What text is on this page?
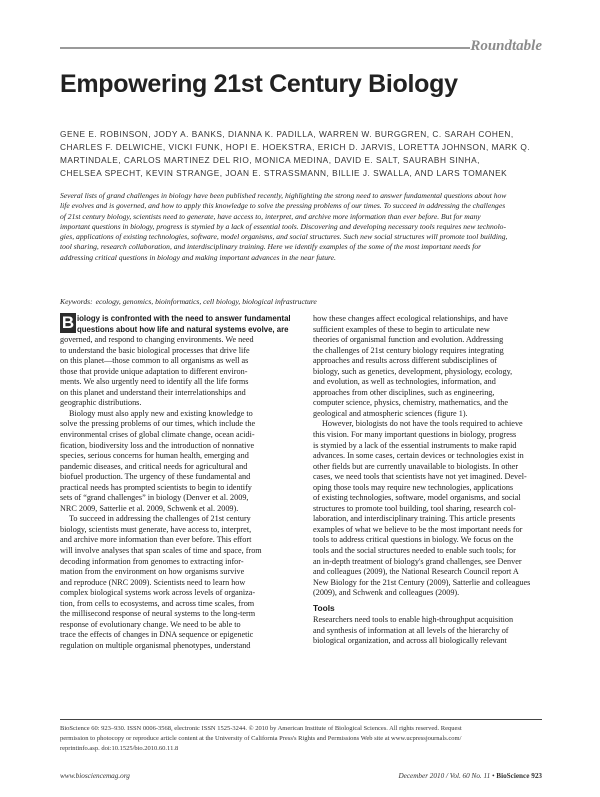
Roundtable
Empowering 21st Century Biology
GENE E. ROBINSON, JODY A. BANKS, DIANNA K. PADILLA, WARREN W. BURGGREN, C. SARAH COHEN,
CHARLES F. DELWICHE, VICKI FUNK, HOPI E. HOEKSTRA, ERICH D. JARVIS, LORETTA JOHNSON, MARK Q.
MARTINDALE, CARLOS MARTINEZ DEL RIO, MONICA MEDINA, DAVID E. SALT, SAURABH SINHA,
CHELSEA SPECHT, KEVIN STRANGE, JOAN E. STRASSMANN, BILLIE J. SWALLA, AND LARS TOMANEK
Several lists of grand challenges in biology have been published recently, highlighting the strong need to answer fundamental questions about how
life evolves and is governed, and how to apply this knowledge to solve the pressing problems of our times. To succeed in addressing the challenges
of 21st century biology, scientists need to generate, have access to, interpret, and archive more information than ever before. But for many
important questions in biology, progress is stymied by a lack of essential tools. Discovering and developing necessary tools requires new technolo-
gies, applications of existing technologies, software, model organisms, and social structures. Such new social structures will promote tool building,
tool sharing, research collaboration, and interdisciplinary training. Here we identify examples of the some of the most important needs for
addressing critical questions in biology and making important advances in the near future.
Keywords: ecology, genomics, bioinformatics, cell biology, biological infrastructure
B iology is confronted with the need to answer fundamental
questions about how life and natural systems evolve, are
governed, and respond to changing environments. We need
to understand the basic biological processes that drive life
on this planet—those common to all organisms as well as
those that provide unique adaptation to different environ-
ments. We also urgently need to identify all the life forms
on this planet and understand their interrelationships and
geographic distributions.
Biology must also apply new and existing knowledge to
solve the pressing problems of our times, which include the
environmental crises of global climate change, ocean acidi-
fication, biodiversity loss and the introduction of nonnative
species, serious concerns for human health, emerging and
pandemic diseases, and critical needs for agricultural and
biofuel production. The urgency of these fundamental and
practical needs has prompted scientists to begin to identify
sets of “grand challenges” in biology (Denver et al. 2009,
NRC 2009, Satterlie et al. 2009, Schwenk et al. 2009).
To succeed in addressing the challenges of 21st century
biology, scientists must generate, have access to, interpret,
and archive more information than ever before. This effort
will involve analyses that span scales of time and space, from
decoding information from genomes to extracting infor-
mation from the environment on how organisms survive
and reproduce (NRC 2009). Scientists need to learn how
complex biological systems work across levels of organiza-
tion, from cells to ecosystems, and across time scales, from
the millisecond response of neural systems to the long-term
response of evolutionary change. We need to be able to
trace the effects of changes in DNA sequence or epigenetic
regulation on multiple organismal phenotypes, understand
how these changes affect ecological relationships, and have
sufficient examples of these to begin to articulate new
theories of organismal function and evolution. Addressing
the challenges of 21st century biology requires integrating
approaches and results across different subdisciplines of
biology, such as genetics, development, physiology, ecology,
and evolution, as well as technologies, information, and
approaches from other disciplines, such as engineering,
computer science, physics, chemistry, mathematics, and the
geological and atmospheric sciences (figure 1).
However, biologists do not have the tools required to achieve
this vision. For many important questions in biology, progress
is stymied by a lack of the essential instruments to make rapid
advances. In some cases, certain devices or technologies exist in
other fields but are currently unavailable to biologists. In other
cases, we need tools that scientists have not yet imagined. Devel-
oping those tools may require new technologies, applications
of existing technologies, software, model organisms, and social
structures to promote tool building, tool sharing, research col-
laboration, and interdisciplinary training. This article presents
examples of what we believe to be the most important needs for
tools to address critical questions in biology. We focus on the
tools and the social structures needed to enable such tools; for
an in-depth treatment of biology's grand challenges, see Denver
and colleagues (2009), the National Research Council report A
New Biology for the 21st Century (2009), Satterlie and colleagues
(2009), and Schwenk and colleagues (2009).
Tools
Researchers need tools to enable high-throughput acquisition
and synthesis of information at all levels of the hierarchy of
biological organization, and across all biologically relevant
BioScience 60: 923–930. ISSN 0006-3568, electronic ISSN 1525-3244. © 2010 by American Institute of Biological Sciences. All rights reserved. Request
permission to photocopy or reproduce article content at the University of California Press's Rights and Permissions Web site at www.ucpressjournals.com/
reprintinfo.asp. doi:10.1525/bio.2010.60.11.8
www.biosciencemag.org	December 2010 / Vol. 60 No. 11 • BioScience 923
